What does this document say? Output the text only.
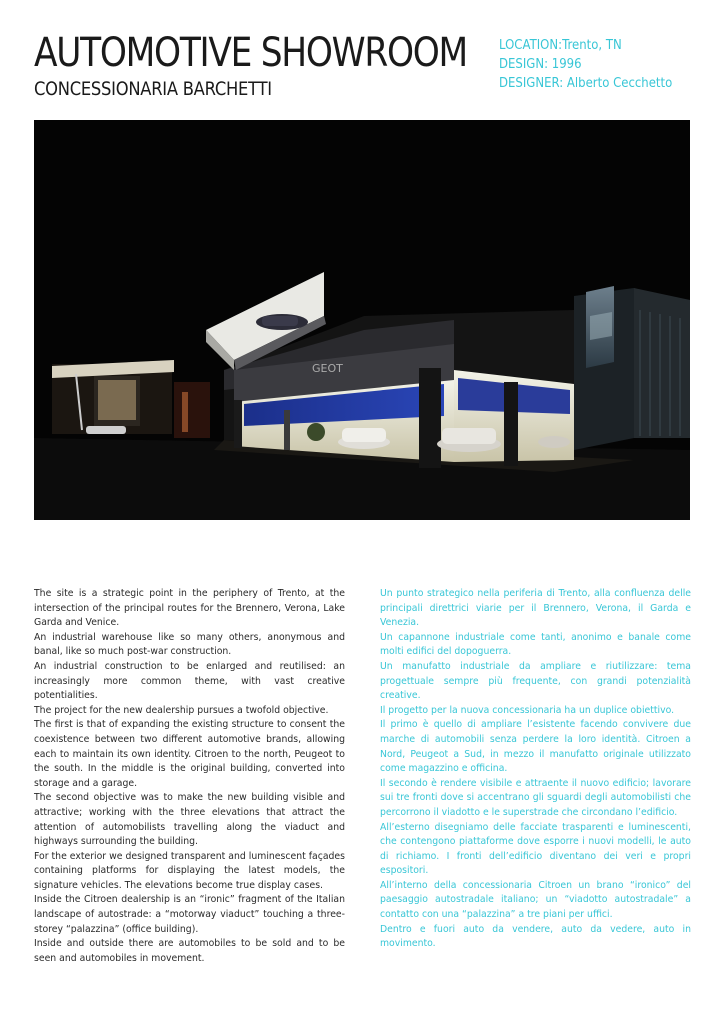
AUTOMOTIVE SHOWROOM
CONCESSIONARIA BARCHETTI
LOCATION:Trento, TN
DESIGN: 1996
DESIGNER: Alberto Cecchetto
GEOT

The site is a strategic point in the periphery of Trento, at the intersection of the principal routes for the Brennero, Verona, Lake Garda and Venice.

An industrial warehouse like so many others, anonymous and banal, like so much post-war construction.

An industrial construction to be enlarged and reutilised: an increasingly more common theme, with vast creative potentialities.

The project for the new dealership pursues a twofold objective.

The first is that of expanding the existing structure to consent the coexistence between two different automotive brands, allowing each to maintain its own identity. Citroen to the north, Peugeot to the south. In the middle is the original building, converted into storage and a garage.

The second objective was to make the new building visible and attractive; working with the three elevations that attract the attention of automobilists travelling along the viaduct and highways surrounding the building.

For the exterior we designed transparent and luminescent façades containing platforms for displaying the latest models, the signature vehicles. The elevations become true display cases.

Inside the Citroen dealership is an “ironic” fragment of the Italian landscape of autostrade: a “motorway viaduct” touching a three-storey “palazzina” (office building).

Inside and outside there are automobiles to be sold and to be seen and automobiles in movement.

Un punto strategico nella periferia di Trento, alla confluenza delle principali direttrici viarie per il Brennero, Verona, il Garda e Venezia.

Un capannone industriale come tanti, anonimo e banale come molti edifici del dopoguerra.

Un manufatto industriale da ampliare e riutilizzare: tema progettuale sempre più frequente, con grandi potenzialità creative.

Il progetto per la nuova concessionaria ha un duplice obiettivo.

Il primo è quello di ampliare l’esistente facendo convivere due marche di automobili senza perdere la loro identità. Citroen a Nord, Peugeot a Sud, in mezzo il manufatto originale utilizzato come magazzino e officina.

Il secondo è rendere visibile e attraente il nuovo edificio; lavorare sui tre fronti dove si accentrano gli sguardi degli automobilisti che percorrono il viadotto e le superstrade che circondano l’edificio.

All’esterno disegniamo delle facciate trasparenti e luminescenti, che contengono piattaforme dove esporre i nuovi modelli, le auto di richiamo. I fronti dell’edificio diventano dei veri e propri espositori.

All’interno della concessionaria Citroen un brano “ironico” del paesaggio autostradale italiano; un “viadotto autostradale” a contatto con una “palazzina” a tre piani per uffici.

Dentro e fuori auto da vendere, auto da vedere, auto in movimento.
